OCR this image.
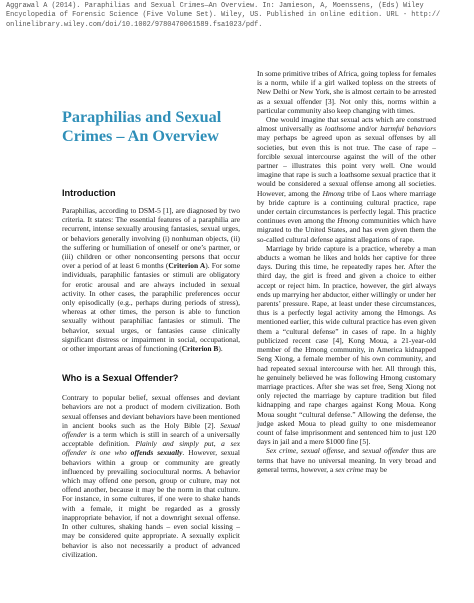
Aggrawal A (2014). Paraphilias and Sexual Crimes—An Overview. In: Jamieson, A, Moenssens, (Eds) Wiley
Encyclopedia of Forensic Science (Five Volume Set). Wiley, US. Published in online edition. URL - http://
onlinelibrary.wiley.com/doi/10.1002/9780470061589.fsa1023/pdf.
Paraphilias and Sexual
Crimes – An Overview
Introduction

Paraphilias, according to DSM-5 [1], are diagnosed by two criteria. It states: The essential features of a paraphilia are recurrent, intense sexually arousing fantasies, sexual urges, or behaviors generally involving (i) nonhuman objects, (ii) the suffering or humiliation of oneself or one’s partner, or (iii) children or other nonconsenting persons that occur over a period of at least 6 months (Criterion A). For some individuals, paraphilic fantasies or stimuli are obligatory for erotic arousal and are always included in sexual activity. In other cases, the paraphilic preferences occur only episodically (e.g., perhaps during periods of stress), whereas at other times, the person is able to function sexually without paraphiliac fantasies or stimuli. The behavior, sexual urges, or fantasies cause clinically significant distress or impairment in social, occupational, or other important areas of functioning (Criterion B).

Who is a Sexual Offender?

Contrary to popular belief, sexual offenses and deviant behaviors are not a product of modern civilization. Both sexual offenses and deviant behaviors have been mentioned in ancient books such as the Holy Bible [2]. Sexual offender is a term which is still in search of a universally acceptable definition. Plainly and simply put, a sex offender is one who offends sexually. However, sexual behaviors within a group or community are greatly influenced by prevailing sociocultural norms. A behavior which may offend one person, group or culture, may not offend another, because it may be the norm in that culture. For instance, in some cultures, if one were to shake hands with a female, it might be regarded as a grossly inappropriate behavior, if not a downright sexual offense. In other cultures, shaking hands – even social kissing – may be considered quite appropriate. A sexually explicit behavior is also not necessarily a product of advanced civilization.

In some primitive tribes of Africa, going topless for females is a norm, while if a girl walked topless on the streets of New Delhi or New York, she is almost certain to be arrested as a sexual offender [3]. Not only this, norms within a particular community also keep changing with times.

One would imagine that sexual acts which are construed almost universally as loathsome and/or harmful behaviors may perhaps be agreed upon as sexual offenses by all societies, but even this is not true. The case of rape – forcible sexual intercourse against the will of the other partner – illustrates this point very well. One would imagine that rape is such a loathsome sexual practice that it would be considered a sexual offense among all societies. However, among the Hmong tribe of Laos where marriage by bride capture is a continuing cultural practice, rape under certain circumstances is perfectly legal. This practice continues even among the Hmong communities which have migrated to the United States, and has even given them the so-called cultural defense against allegations of rape.

Marriage by bride capture is a practice, whereby a man abducts a woman he likes and holds her captive for three days. During this time, he repeatedly rapes her. After the third day, the girl is freed and given a choice to either accept or reject him. In practice, however, the girl always ends up marrying her abductor, either willingly or under her parents’ pressure. Rape, at least under these circumstances, thus is a perfectly legal activity among the Hmongs. As mentioned earlier, this wide cultural practice has even given them a “cultural defense” in cases of rape. In a highly publicized recent case [4], Kong Moua, a 21-year-old member of the Hmong community, in America kidnapped Seng Xiong, a female member of his own community, and had repeated sexual intercourse with her. All through this, he genuinely believed he was following Hmong customary marriage practices. After she was set free, Seng Xiong not only rejected the marriage by capture tradition but filed kidnapping and rape charges against Kong Moua. Kong Moua sought “cultural defense.” Allowing the defense, the judge asked Moua to plead guilty to one misdemeanor count of false imprisonment and sentenced him to just 120 days in jail and a mere $1000 fine [5].

Sex crime, sexual offense, and sexual offender thus are terms that have no universal meaning. In very broad and general terms, however, a sex crime may be
